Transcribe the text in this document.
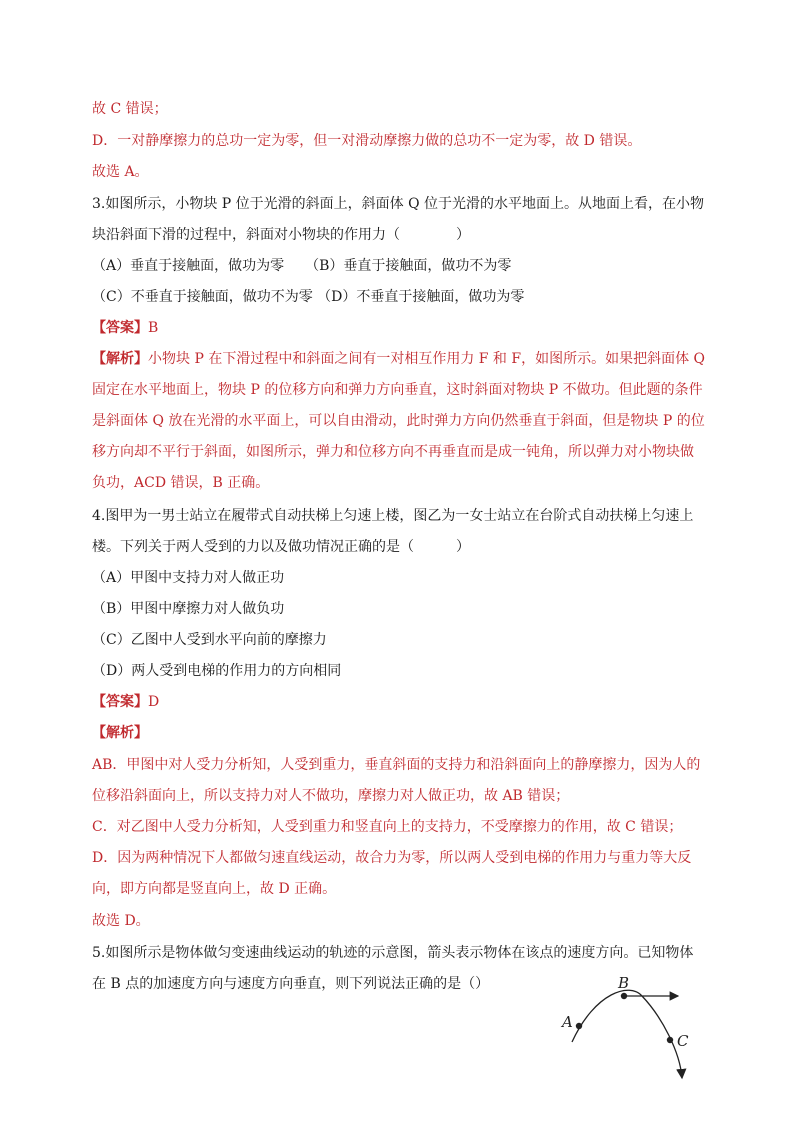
故 C 错误；
D．一对静摩擦力的总功一定为零，但一对滑动摩擦力做的总功不一定为零，故 D 错误。
故选 A。
3.如图所示，小物块 P 位于光滑的斜面上，斜面体 Q 位于光滑的水平地面上。从地面上看，在小物
块沿斜面下滑的过程中，斜面对小物块的作用力（　　　　）
（A）垂直于接触面，做功为零　　（B）垂直于接触面，做功不为零
（C）不垂直于接触面，做功不为零 （D）不垂直于接触面，做功为零
【答案】B
【解析】小物块 P 在下滑过程中和斜面之间有一对相互作用力 F 和 F，如图所示。如果把斜面体 Q
固定在水平地面上，物块 P 的位移方向和弹力方向垂直，这时斜面对物块 P 不做功。但此题的条件
是斜面体 Q 放在光滑的水平面上，可以自由滑动，此时弹力方向仍然垂直于斜面，但是物块 P 的位
移方向却不平行于斜面，如图所示，弹力和位移方向不再垂直而是成一钝角，所以弹力对小物块做
负功，ACD 错误，B 正确。
4.图甲为一男士站立在履带式自动扶梯上匀速上楼，图乙为一女士站立在台阶式自动扶梯上匀速上
楼。下列关于两人受到的力以及做功情况正确的是（　　　）
（A）甲图中支持力对人做正功
（B）甲图中摩擦力对人做负功
（C）乙图中人受到水平向前的摩擦力
（D）两人受到电梯的作用力的方向相同
【答案】D
【解析】
AB．甲图中对人受力分析知，人受到重力，垂直斜面的支持力和沿斜面向上的静摩擦力，因为人的
位移沿斜面向上，所以支持力对人不做功，摩擦力对人做正功，故 AB 错误；
C．对乙图中人受力分析知，人受到重力和竖直向上的支持力，不受摩擦力的作用，故 C 错误；
D．因为两种情况下人都做匀速直线运动，故合力为零，所以两人受到电梯的作用力与重力等大反
向，即方向都是竖直向上，故 D 正确。
故选 D。
5.如图所示是物体做匀变速曲线运动的轨迹的示意图，箭头表示物体在该点的速度方向。已知物体
在 B 点的加速度方向与速度方向垂直，则下列说法正确的是（）
A
B
C
